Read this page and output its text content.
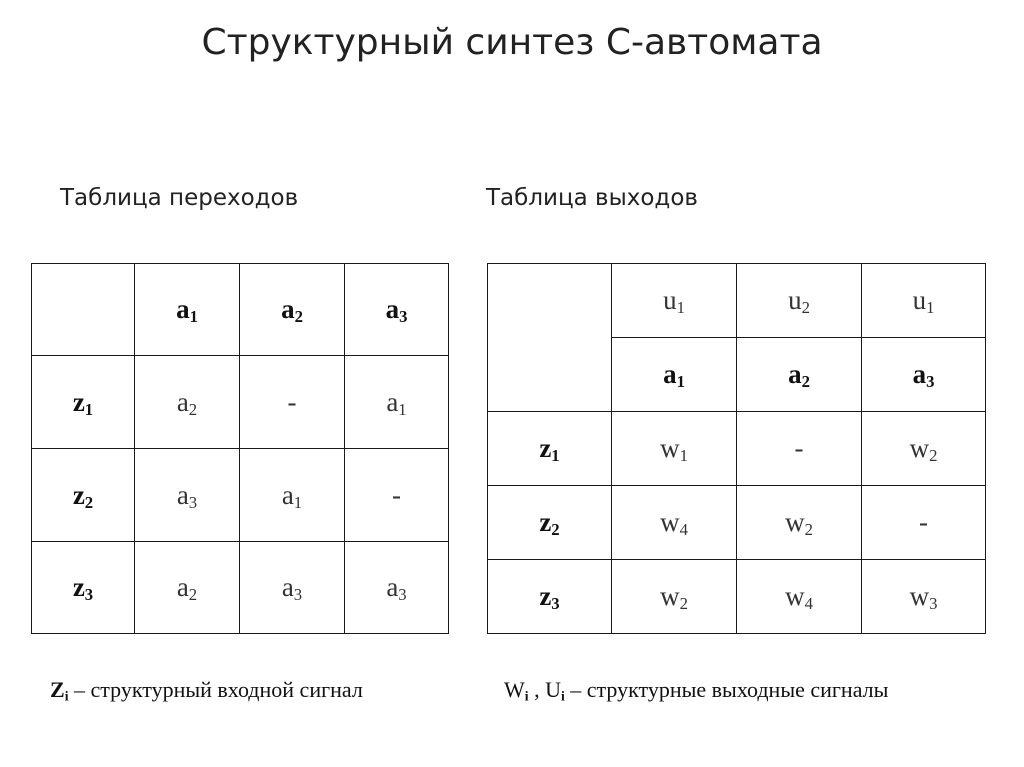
Структурный синтез С-автомата
Таблица переходов	Таблица выходов
	$a_1$	$a_2$	$a_3$
$z_1$	$a_2$	-	$a_1$
$z_2$	$a_3$	$a_1$	-
$z_3$	$a_2$	$a_3$	$a_3$
	$u_1$	$u_2$	$u_1$
	$a_1$	$a_2$	$a_3$
$z_1$	$w_1$	-	$w_2$
$z_2$	$w_4$	$w_2$	-
$z_3$	$w_2$	$w_4$	$w_3$
$Z_i$ – структурный входной сигнал	$W_i$ , $U_i$ – структурные выходные сигналы
